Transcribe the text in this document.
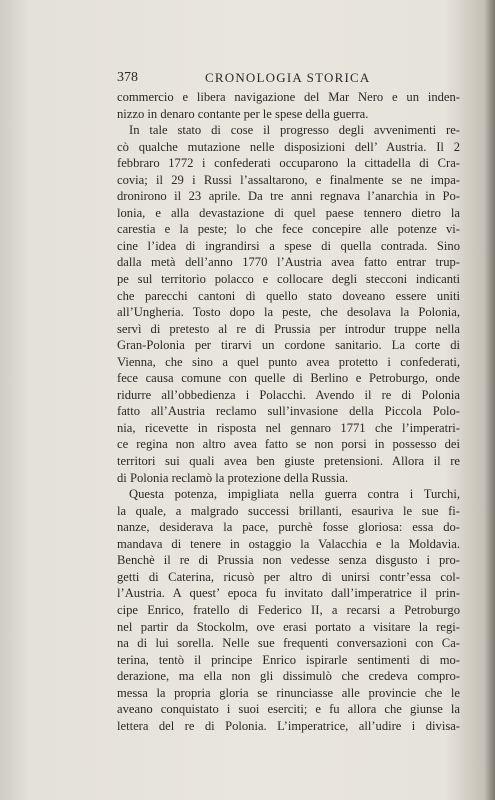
378	CRONOLOGIA STORICA
commercio e libera navigazione del Mar Nero e un inden-
nizzo in denaro contante per le spese della guerra.
In tale stato di cose il progresso degli avvenimenti re-
cò qualche mutazione nelle disposizioni dell’ Austria. Il 2
febbraro 1772 i confederati occuparono la cittadella di Cra-
covia; il 29 i Russi l’assaltarono, e finalmente se ne impa-
dronirono il 23 aprile. Da tre anni regnava l’anarchia in Po-
lonia, e alla devastazione di quel paese tennero dietro la
carestia e la peste; lo che fece concepire alle potenze vi-
cine l’idea di ingrandirsi a spese di quella contrada. Sino
dalla metà dell’anno 1770 l’Austria avea fatto entrar trup-
pe sul territorio polacco e collocare degli stecconi indicanti
che parecchi cantoni di quello stato doveano essere uniti
all’Ungheria. Tosto dopo la peste, che desolava la Polonia,
servì di pretesto al re di Prussia per introdur truppe nella
Gran-Polonia per tirarvi un cordone sanitario. La corte di
Vienna, che sino a quel punto avea protetto i confederati,
fece causa comune con quelle di Berlino e Petroburgo, onde
ridurre all’obbedienza i Polacchi. Avendo il re di Polonia
fatto all’Austria reclamo sull’invasione della Piccola Polo-
nia, ricevette in risposta nel gennaro 1771 che l’imperatri-
ce regina non altro avea fatto se non porsi in possesso dei
territori sui quali avea ben giuste pretensioni. Allora il re
di Polonia reclamò la protezione della Russia.
Questa potenza, impigliata nella guerra contra i Turchi,
la quale, a malgrado successi brillanti, esauriva le sue fi-
nanze, desiderava la pace, purchè fosse gloriosa: essa do-
mandava di tenere in ostaggio la Valacchia e la Moldavia.
Benchè il re di Prussia non vedesse senza disgusto i pro-
getti di Caterina, ricusò per altro di unirsi contr’essa col-
l’Austria. A quest’ epoca fu invitato dall’imperatrice il prin-
cipe Enrico, fratello di Federico II, a recarsi a Petroburgo
nel partir da Stockolm, ove erasi portato a visitare la regi-
na di lui sorella. Nelle sue frequenti conversazioni con Ca-
terina, tentò il principe Enrico ispirarle sentimenti di mo-
derazione, ma ella non gli dissimulò che credeva compro-
messa la propria gloria se rinunciasse alle provincie che le
aveano conquistato i suoi eserciti; e fu allora che giunse la
lettera del re di Polonia. L’imperatrice, all’udire i divisa-
